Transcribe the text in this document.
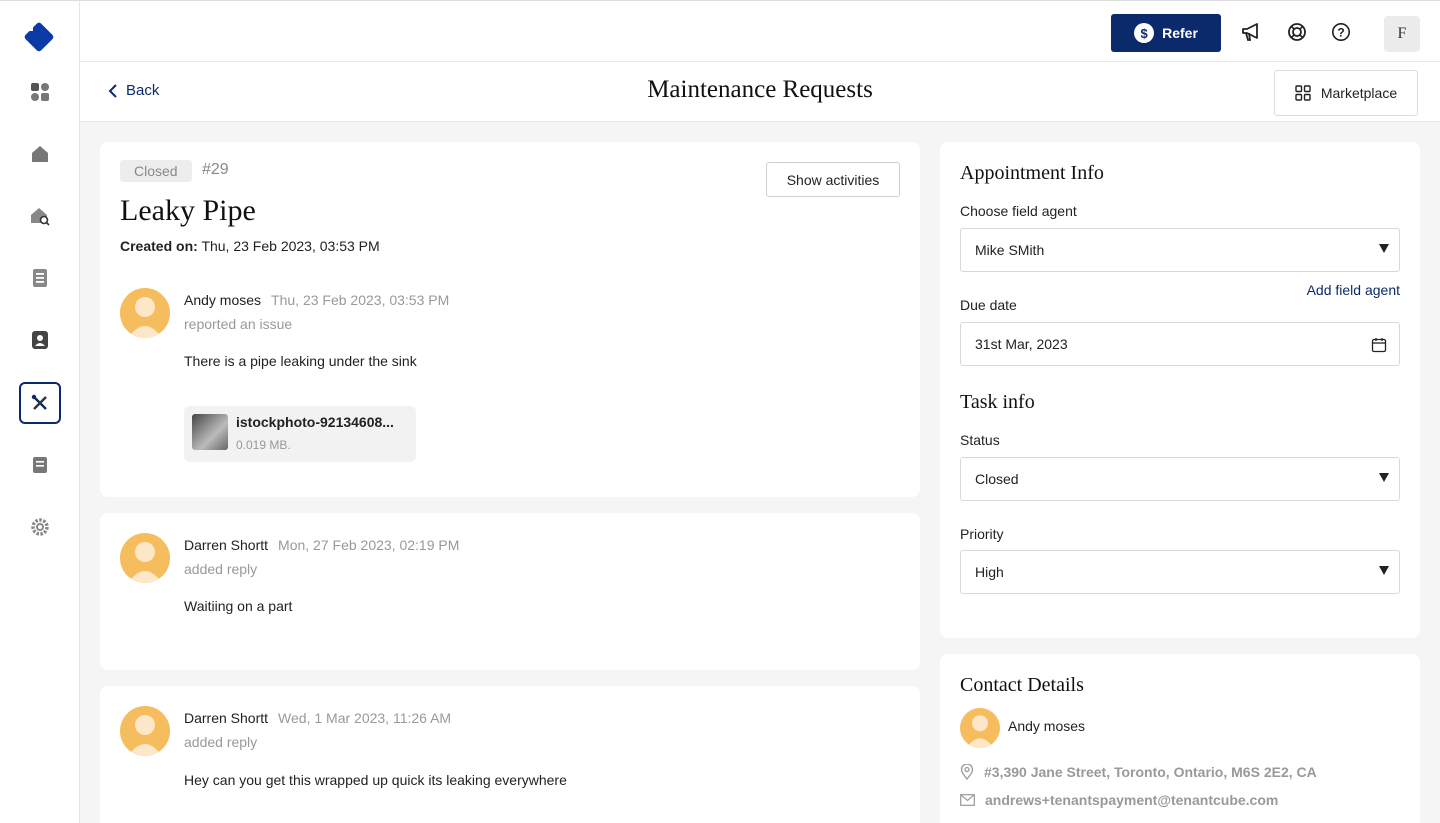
$	Refer	?	F
Maintenance Requests
Back	Marketplace
Closed	#29
Show activities
Leaky Pipe
Created on: Thu, 23 Feb 2023, 03:53 PM
Andy moses Thu, 23 Feb 2023, 03:53 PM
reported an issue
There is a pipe leaking under the sink
istockphoto-92134608...
0.019 MB.
Darren Shortt Mon, 27 Feb 2023, 02:19 PM
added reply
Waitiing on a part
Darren Shortt Wed, 1 Mar 2023, 11:26 AM
added reply
Hey can you get this wrapped up quick its leaking everywhere
Appointment Info
Choose field agent
Mike SMith
Add field agent
Due date
31st Mar, 2023
Task info
Status
Closed
Priority
High
Contact Details
Andy moses
#3,390 Jane Street, Toronto, Ontario, M6S 2E2, CA
andrews+tenantspayment@tenantcube.com
